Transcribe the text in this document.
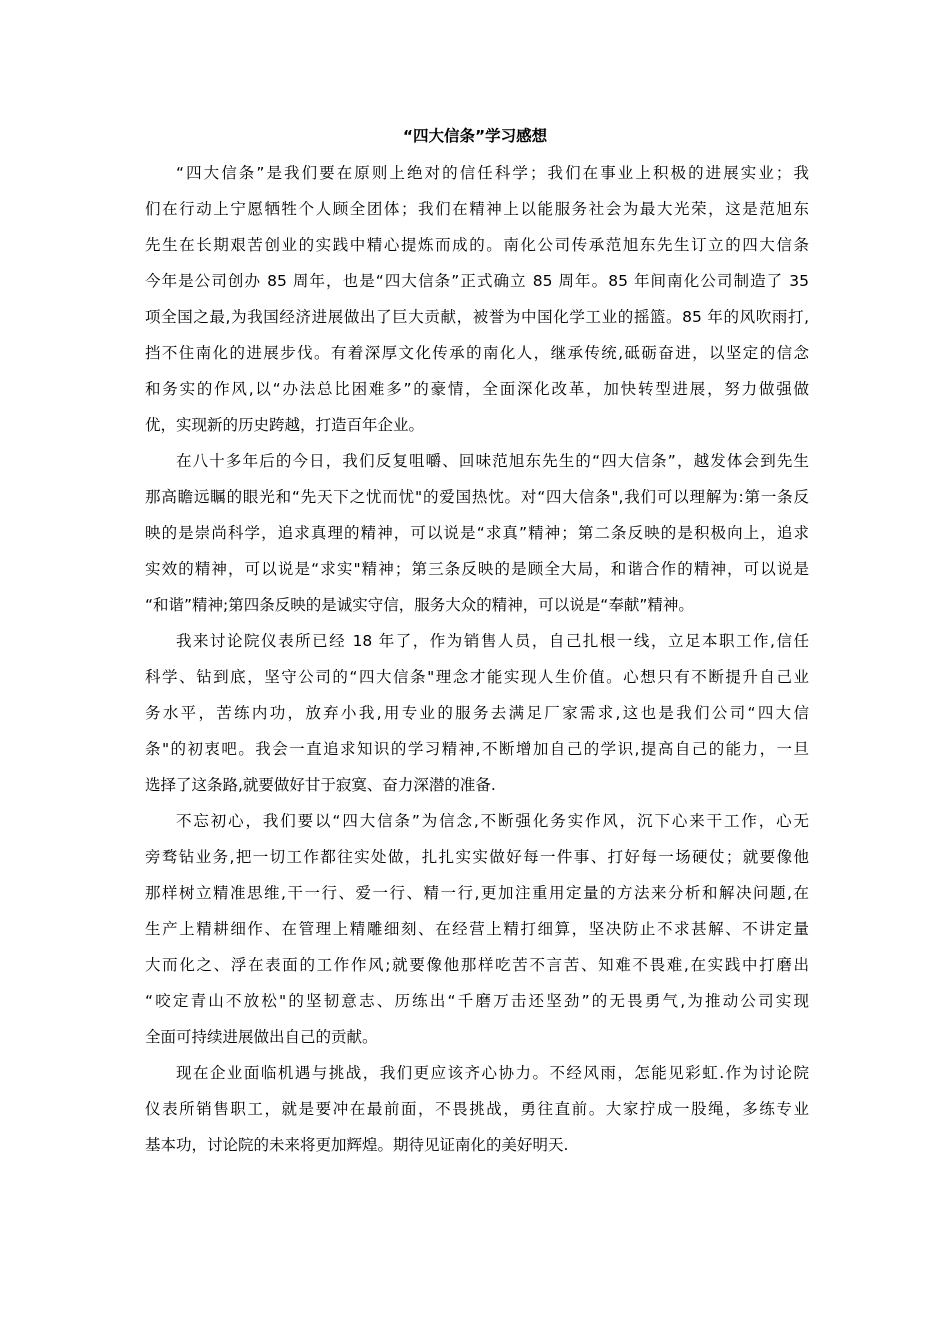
“四大信条”学习感想
“四大信条”是我们要在原则上绝对的信任科学；我们在事业上积极的进展实业；我
们在行动上宁愿牺牲个人顾全团体；我们在精神上以能服务社会为最大光荣，这是范旭东
先生在长期艰苦创业的实践中精心提炼而成的。南化公司传承范旭东先生订立的四大信条
今年是公司创办 85 周年，也是“四大信条”正式确立 85 周年。85 年间南化公司制造了 35
项全国之最,为我国经济进展做出了巨大贡献，被誉为中国化学工业的摇篮。85 年的风吹雨打,
挡不住南化的进展步伐。有着深厚文化传承的南化人，继承传统,砥砺奋进，以坚定的信念
和务实的作风,以“办法总比困难多”的豪情，全面深化改革，加快转型进展，努力做强做
优，实现新的历史跨越，打造百年企业。
在八十多年后的今日，我们反复咀嚼、回味范旭东先生的“四大信条”，越发体会到先生
那高瞻远瞩的眼光和“先天下之忧而忧"的爱国热忱。对“四大信条",我们可以理解为:第一条反
映的是崇尚科学，追求真理的精神，可以说是“求真”精神；第二条反映的是积极向上，追求
实效的精神，可以说是“求实"精神；第三条反映的是顾全大局，和谐合作的精神，可以说是
“和谐”精神;第四条反映的是诚实守信，服务大众的精神，可以说是“奉献”精神。
我来讨论院仪表所已经 18 年了，作为销售人员，自己扎根一线，立足本职工作,信任
科学、钻到底，坚守公司的“四大信条"理念才能实现人生价值。心想只有不断提升自己业
务水平，苦练内功，放弃小我,用专业的服务去满足厂家需求,这也是我们公司“四大信
条"的初衷吧。我会一直追求知识的学习精神,不断增加自己的学识,提高自己的能力，一旦
选择了这条路,就要做好甘于寂寞、奋力深潜的准备.
不忘初心，我们要以“四大信条”为信念,不断强化务实作风，沉下心来干工作，心无
旁骛钻业务,把一切工作都往实处做，扎扎实实做好每一件事、打好每一场硬仗；就要像他
那样树立精准思维,干一行、爱一行、精一行,更加注重用定量的方法来分析和解决问题,在
生产上精耕细作、在管理上精雕细刻、在经营上精打细算，坚决防止不求甚解、不讲定量
大而化之、浮在表面的工作作风;就要像他那样吃苦不言苦、知难不畏难,在实践中打磨出
“咬定青山不放松"的坚韧意志、历练出“千磨万击还坚劲”的无畏勇气,为推动公司实现
全面可持续进展做出自己的贡献。
现在企业面临机遇与挑战，我们更应该齐心协力。不经风雨，怎能见彩虹.作为讨论院
仪表所销售职工，就是要冲在最前面，不畏挑战，勇往直前。大家拧成一股绳，多练专业
基本功，讨论院的未来将更加辉煌。期待见证南化的美好明天.
